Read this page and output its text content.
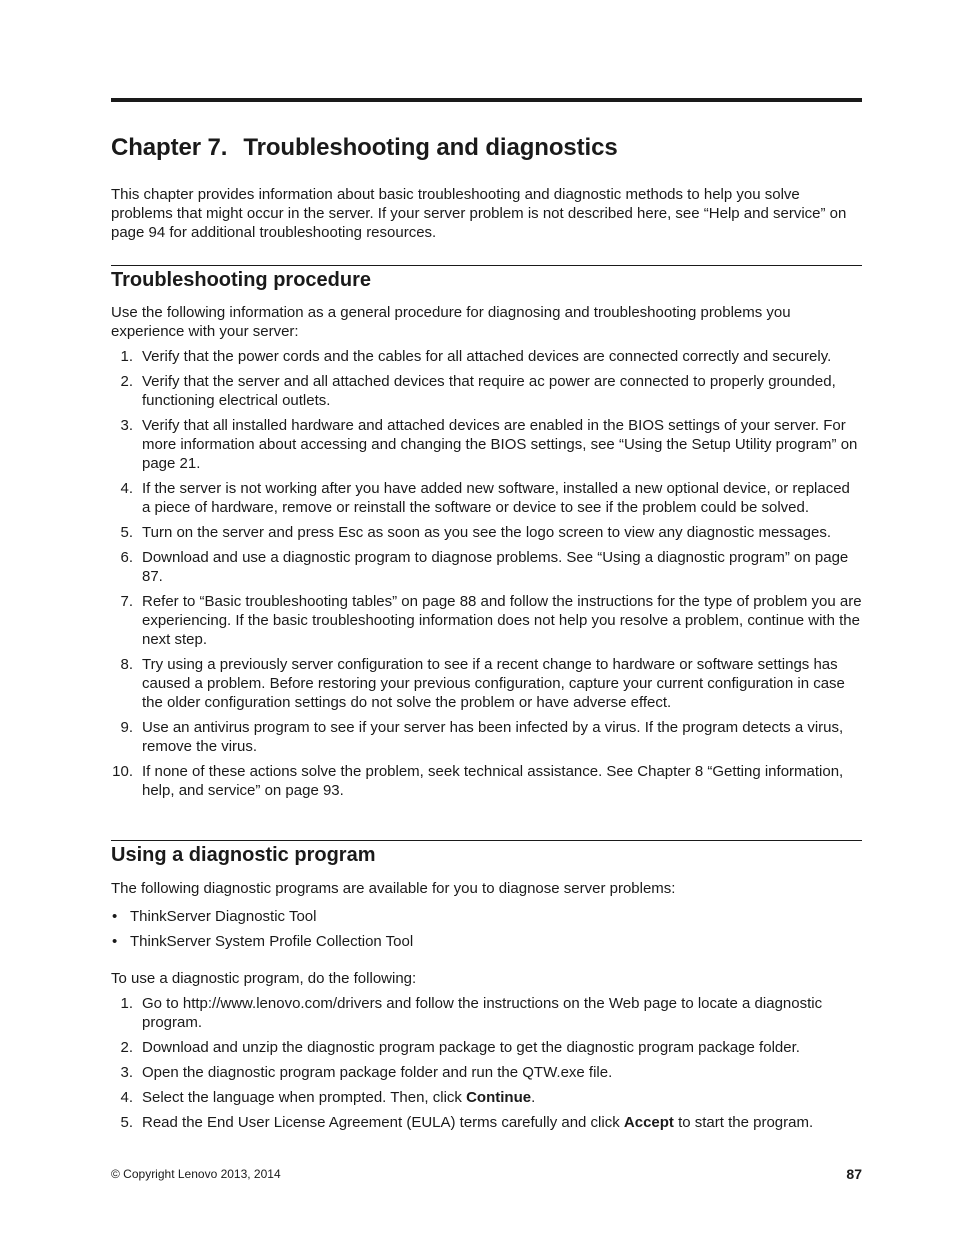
Chapter 7. Troubleshooting and diagnostics

This chapter provides information about basic troubleshooting and diagnostic methods to help you solve problems that might occur in the server. If your server problem is not described here, see “Help and service” on page 94 for additional troubleshooting resources.

Troubleshooting procedure

Use the following information as a general procedure for diagnosing and troubleshooting problems you experience with your server:

1. Verify that the power cords and the cables for all attached devices are connected correctly and securely.
2. Verify that the server and all attached devices that require ac power are connected to properly grounded, functioning electrical outlets.
3. Verify that all installed hardware and attached devices are enabled in the BIOS settings of your server. For more information about accessing and changing the BIOS settings, see “Using the Setup Utility program” on page 21.
4. If the server is not working after you have added new software, installed a new optional device, or replaced a piece of hardware, remove or reinstall the software or device to see if the problem could be solved.
5. Turn on the server and press Esc as soon as you see the logo screen to view any diagnostic messages.
6. Download and use a diagnostic program to diagnose problems. See “Using a diagnostic program” on page 87.
7. Refer to “Basic troubleshooting tables” on page 88 and follow the instructions for the type of problem you are experiencing. If the basic troubleshooting information does not help you resolve a problem, continue with the next step.
8. Try using a previously server configuration to see if a recent change to hardware or software settings has caused a problem. Before restoring your previous configuration, capture your current configuration in case the older configuration settings do not solve the problem or have adverse effect.
9. Use an antivirus program to see if your server has been infected by a virus. If the program detects a virus, remove the virus.
10. If none of these actions solve the problem, seek technical assistance. See Chapter 8 “Getting information, help, and service” on page 93.
Using a diagnostic program

The following diagnostic programs are available for you to diagnose server problems:

• ThinkServer Diagnostic Tool
• ThinkServer System Profile Collection Tool

To use a diagnostic program, do the following:

1. Go to http://www.lenovo.com/drivers and follow the instructions on the Web page to locate a diagnostic program.
2. Download and unzip the diagnostic program package to get the diagnostic program package folder.
3. Open the diagnostic program package folder and run the QTW.exe file.
4. Select the language when prompted. Then, click Continue.
5. Read the End User License Agreement (EULA) terms carefully and click Accept to start the program.
© Copyright Lenovo 2013, 2014	87
